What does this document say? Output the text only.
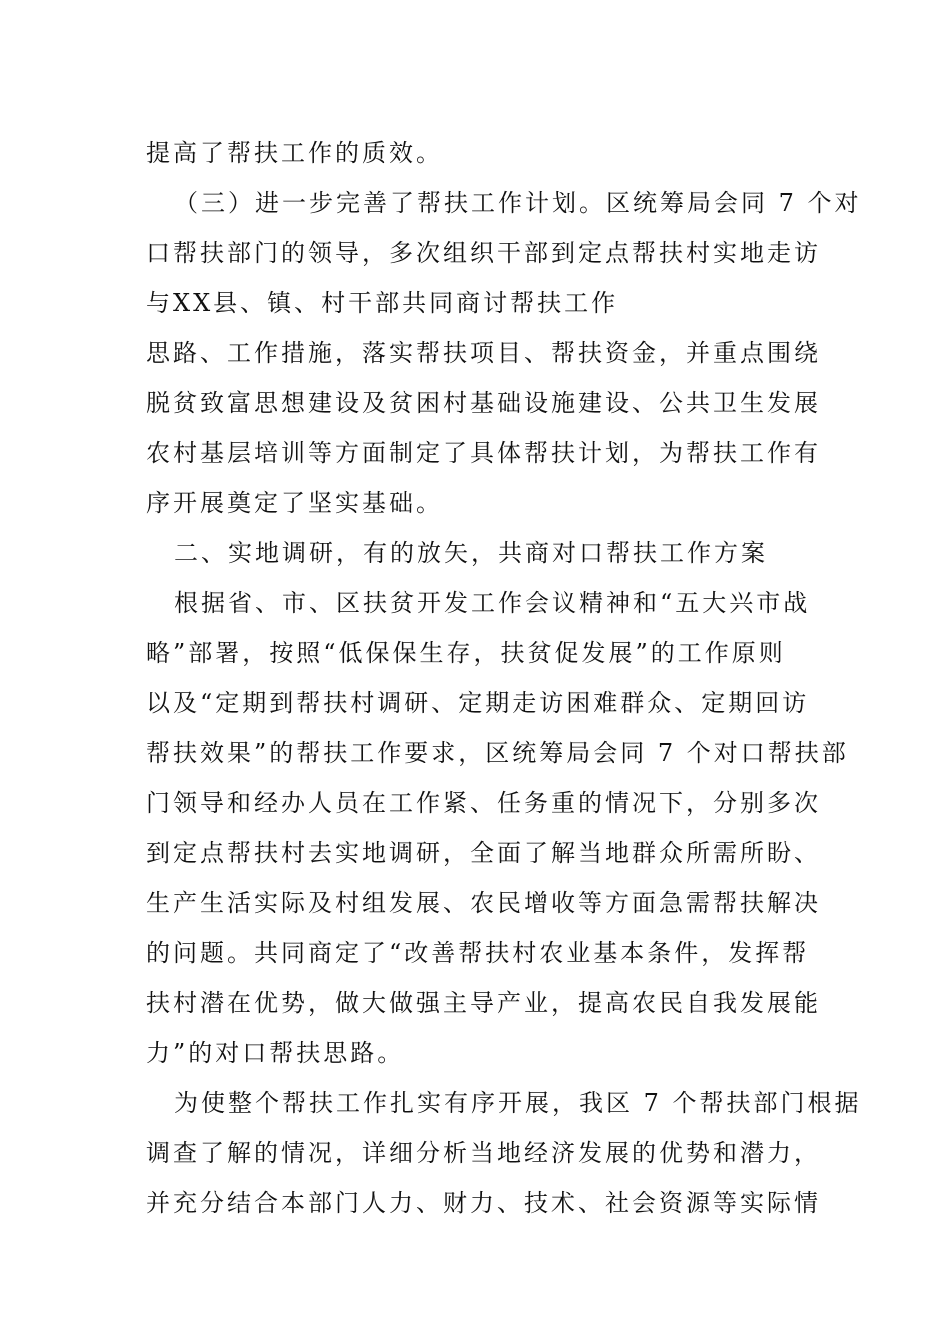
提高了帮扶工作的质效。
（三）进一步完善了帮扶工作计划。区统筹局会同 7 个对
口帮扶部门的领导，多次组织干部到定点帮扶村实地走访
与XX县、镇、村干部共同商讨帮扶工作
思路、工作措施，落实帮扶项目、帮扶资金，并重点围绕
脱贫致富思想建设及贫困村基础设施建设、公共卫生发展
农村基层培训等方面制定了具体帮扶计划，为帮扶工作有
序开展奠定了坚实基础。
二、实地调研，有的放矢，共商对口帮扶工作方案
根据省、市、区扶贫开发工作会议精神和“五大兴市战
略”部署，按照“低保保生存，扶贫促发展”的工作原则
以及“定期到帮扶村调研、定期走访困难群众、定期回访
帮扶效果”的帮扶工作要求，区统筹局会同 7 个对口帮扶部
门领导和经办人员在工作紧、任务重的情况下，分别多次
到定点帮扶村去实地调研，全面了解当地群众所需所盼、
生产生活实际及村组发展、农民增收等方面急需帮扶解决
的问题。共同商定了“改善帮扶村农业基本条件，发挥帮
扶村潜在优势，做大做强主导产业，提高农民自我发展能
力”的对口帮扶思路。
为使整个帮扶工作扎实有序开展，我区 7 个帮扶部门根据
调查了解的情况，详细分析当地经济发展的优势和潜力，
并充分结合本部门人力、财力、技术、社会资源等实际情
